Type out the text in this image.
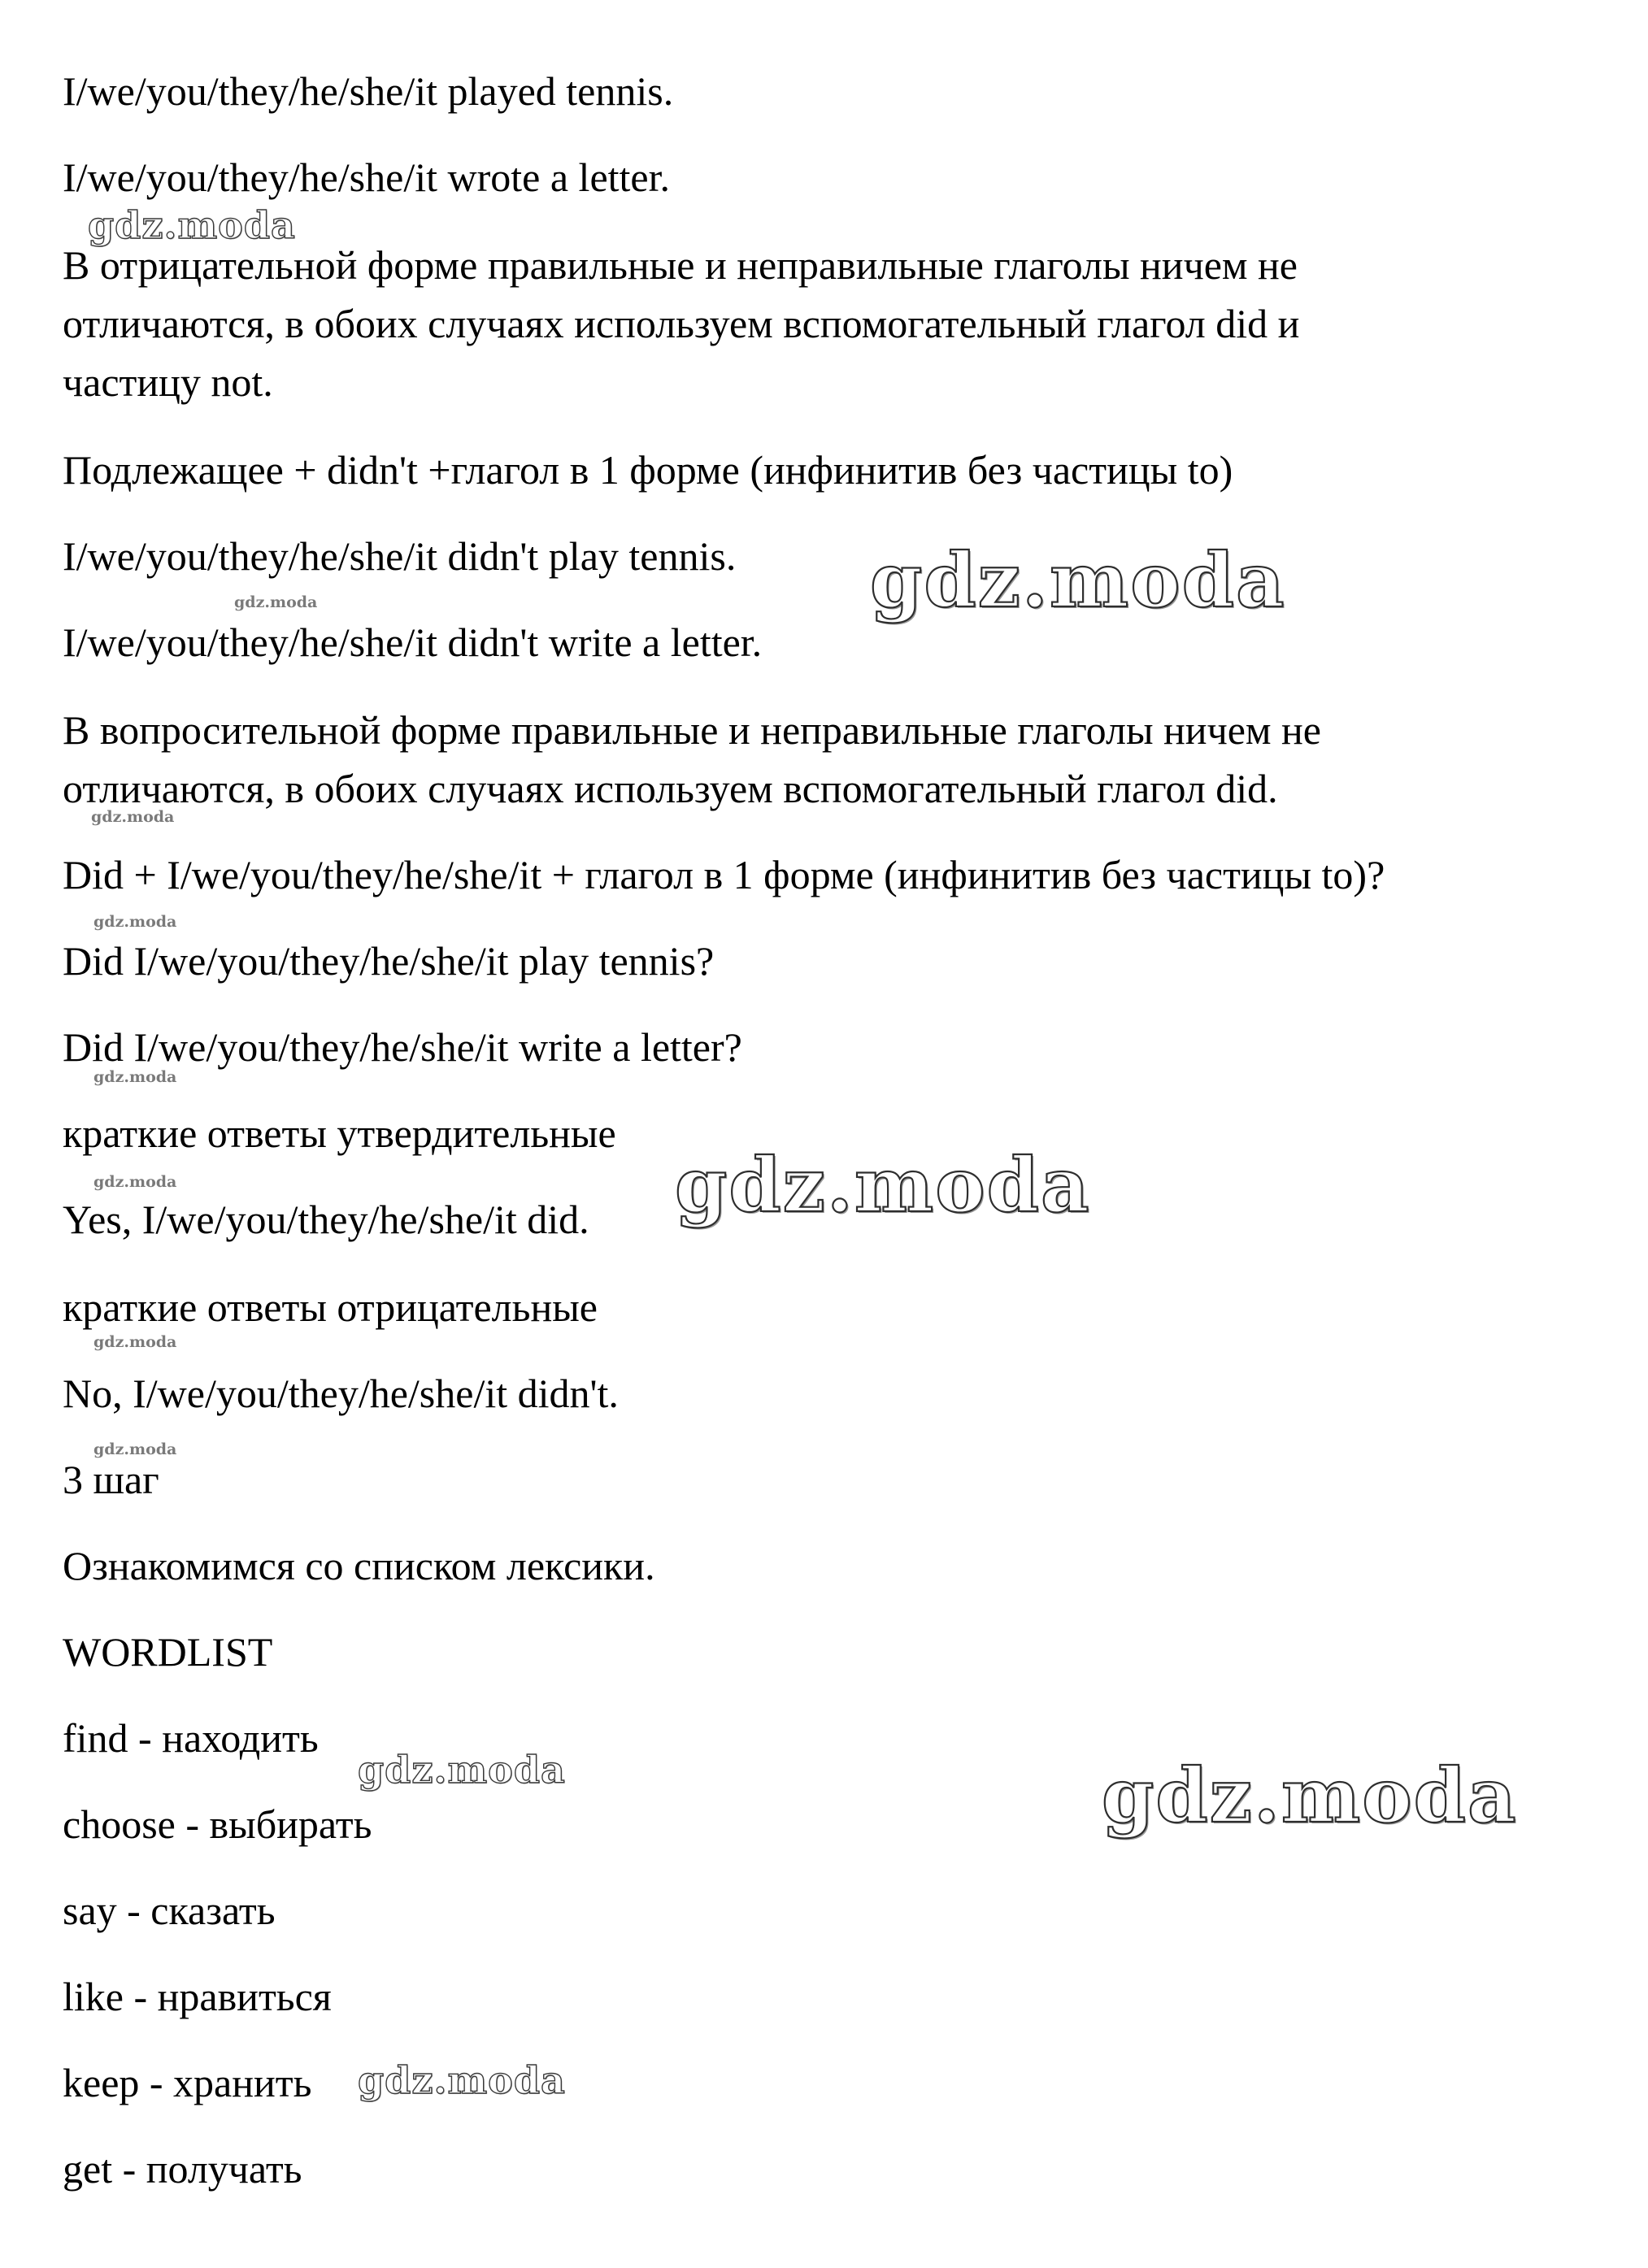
I/we/you/they/he/she/it played tennis.

I/we/you/they/he/she/it wrote a letter.

В отрицательной форме правильные и неправильные глаголы ничем не

отличаются, в обоих случаях используем вспомогательный глагол did и

частицу not.

Подлежащее + didn't +глагол в 1 форме (инфинитив без частицы to)

I/we/you/they/he/she/it didn't play tennis.

I/we/you/they/he/she/it didn't write a letter.

В вопросительной форме правильные и неправильные глаголы ничем не

отличаются, в обоих случаях используем вспомогательный глагол did.

Did + I/we/you/they/he/she/it + глагол в 1 форме (инфинитив без частицы to)?

Did I/we/you/they/he/she/it play tennis?

Did I/we/you/they/he/she/it write a letter?

краткие ответы утвердительные

Yes, I/we/you/they/he/she/it did.

краткие ответы отрицательные

No, I/we/you/they/he/she/it didn't.

3 шаг

Ознакомимся со списком лексики.

WORDLIST

find - находить

choose - выбирать

say - сказать

like - нравиться

keep - хранить

get - получать

gdz.moda
gdz.moda
gdz.moda
gdz.moda
gdz.moda
gdz.moda
gdz.moda	gdz.moda
gdz.moda
gdz.moda
gdz.moda	gdz.moda
gdz.moda
